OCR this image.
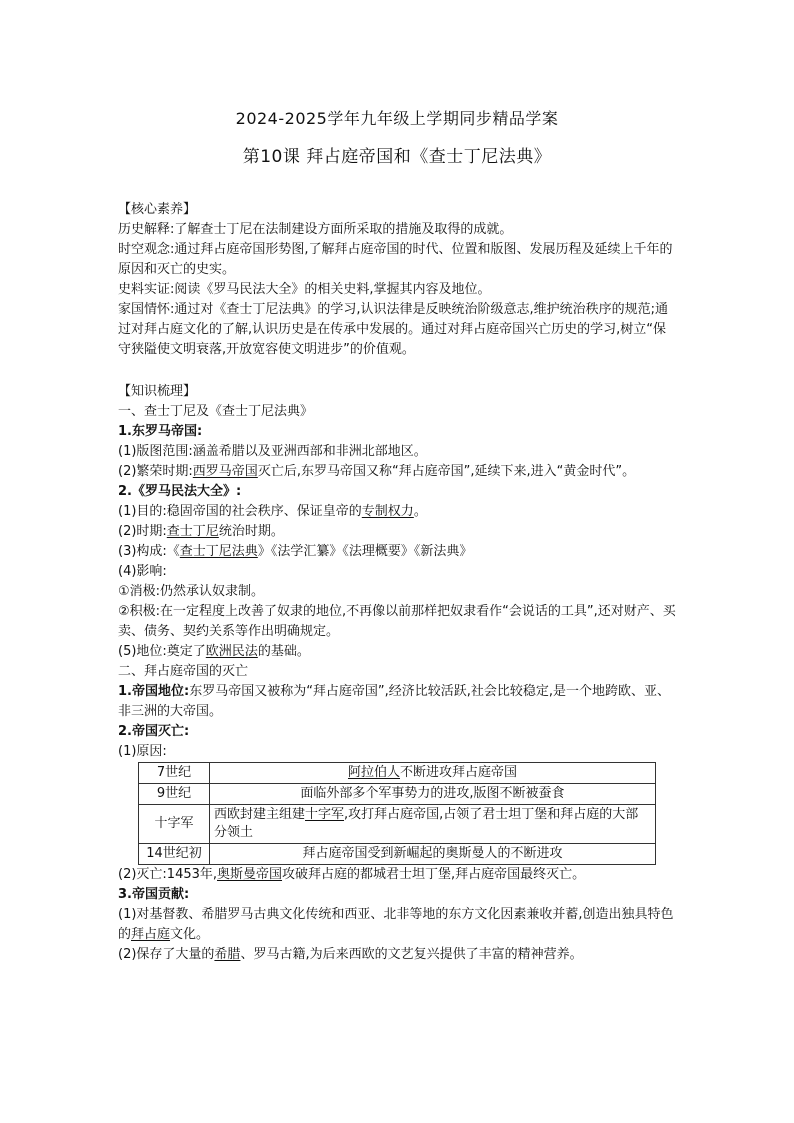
2024-2025学年九年级上学期同步精品学案
第10课 拜占庭帝国和《查士丁尼法典》
【核心素养】
历史解释:了解查士丁尼在法制建设方面所采取的措施及取得的成就。
时空观念:通过拜占庭帝国形势图,了解拜占庭帝国的时代、位置和版图、发展历程及延续上千年的原因和灭亡的史实。
史料实证:阅读《罗马民法大全》的相关史料,掌握其内容及地位。
家国情怀:通过对《查士丁尼法典》的学习,认识法律是反映统治阶级意志,维护统治秩序的规范;通过对拜占庭文化的了解,认识历史是在传承中发展的。通过对拜占庭帝国兴亡历史的学习,树立“保守狭隘使文明衰落,开放宽容使文明进步”的价值观。
【知识梳理】
一、查士丁尼及《查士丁尼法典》
1.东罗马帝国:
(1)版图范围:涵盖希腊以及亚洲西部和非洲北部地区。
(2)繁荣时期:西罗马帝国灭亡后,东罗马帝国又称“拜占庭帝国”,延续下来,进入“黄金时代”。
2.《罗马民法大全》:
(1)目的:稳固帝国的社会秩序、保证皇帝的专制权力。
(2)时期:查士丁尼统治时期。
(3)构成:《查士丁尼法典》《法学汇纂》《法理概要》《新法典》
(4)影响:
①消极:仍然承认奴隶制。
②积极:在一定程度上改善了奴隶的地位,不再像以前那样把奴隶看作“会说话的工具”,还对财产、买卖、债务、契约关系等作出明确规定。
(5)地位:奠定了欧洲民法的基础。
二、拜占庭帝国的灭亡
1.帝国地位:东罗马帝国又被称为“拜占庭帝国”,经济比较活跃,社会比较稳定,是一个地跨欧、亚、非三洲的大帝国。
2.帝国灭亡:
(1)原因:
7世纪	阿拉伯人不断进攻拜占庭帝国
9世纪	面临外部多个军事势力的进攻,版图不断被蚕食
十字军	西欧封建主组建十字军,攻打拜占庭帝国,占领了君士坦丁堡和拜占庭的大部分领土
14世纪初	拜占庭帝国受到新崛起的奥斯曼人的不断进攻
(2)灭亡:1453年,奥斯曼帝国攻破拜占庭的都城君士坦丁堡,拜占庭帝国最终灭亡。
3.帝国贡献:
(1)对基督教、希腊罗马古典文化传统和西亚、北非等地的东方文化因素兼收并蓄,创造出独具特色的拜占庭文化。
(2)保存了大量的希腊、罗马古籍,为后来西欧的文艺复兴提供了丰富的精神营养。
